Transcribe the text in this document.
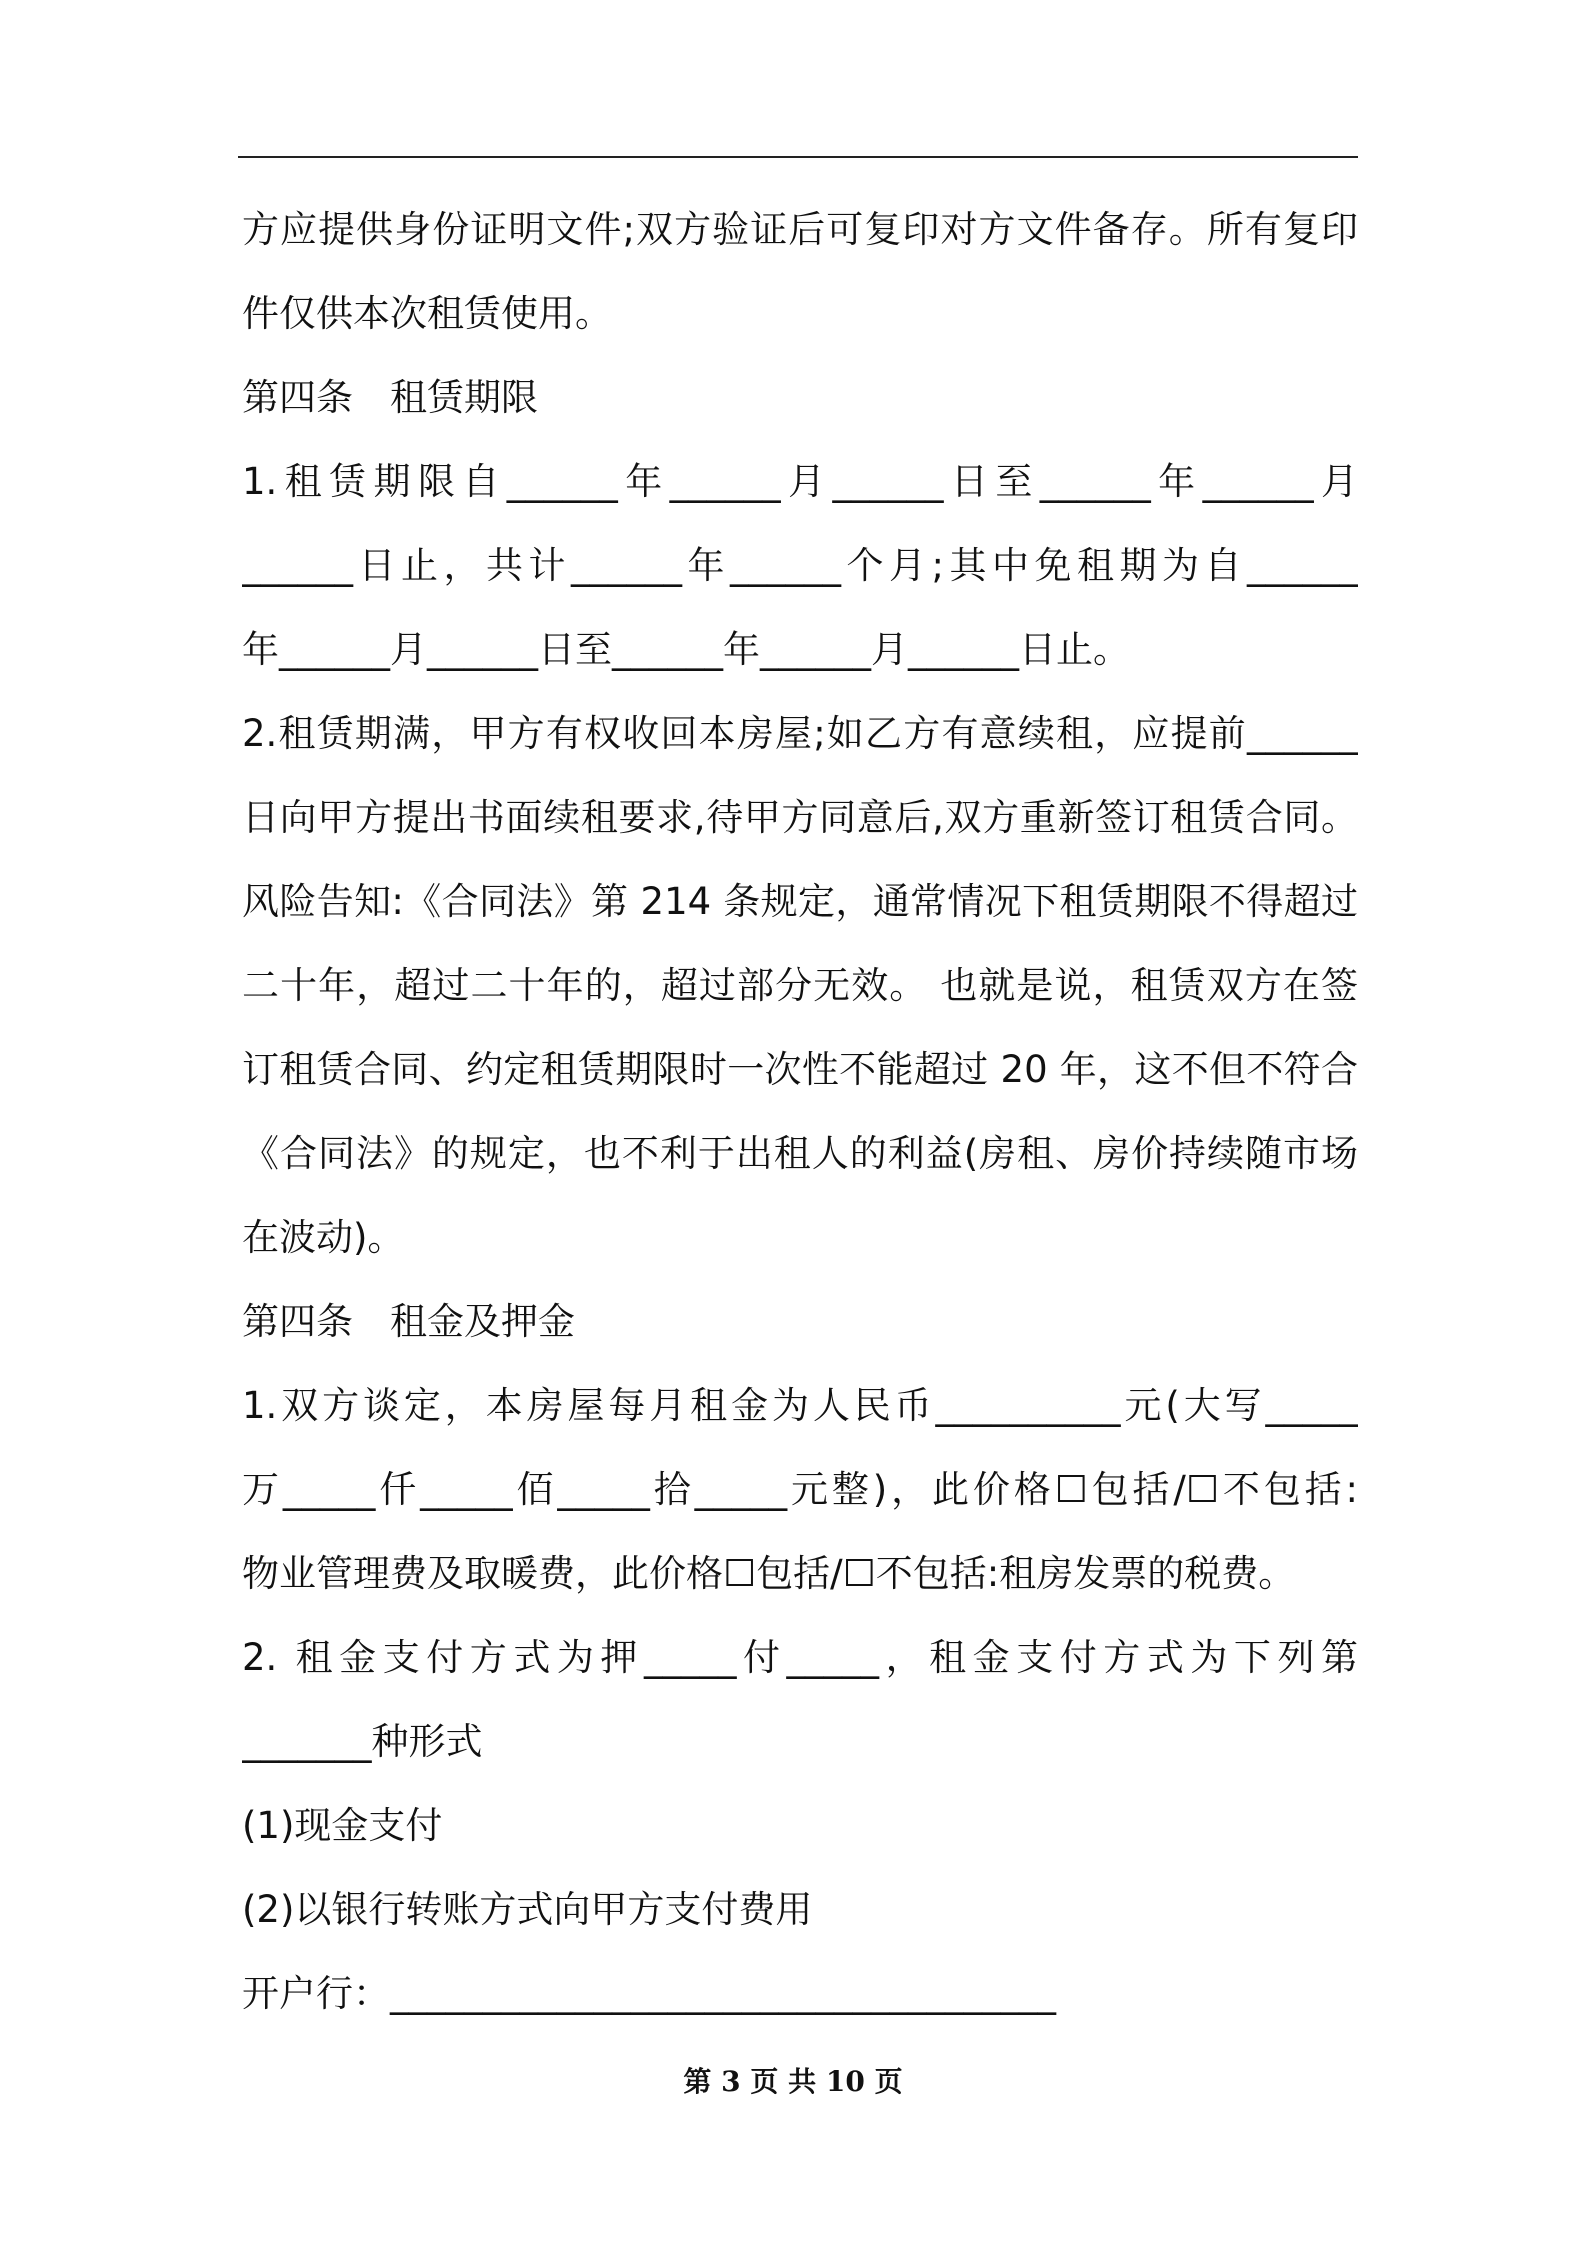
方应提供身份证明文件;双方验证后可复印对方文件备存。所有复印
件仅供本次租赁使用。
第四条　租赁期限
1.租赁期限自______年______月______日至______年______月
______日止，共计______年______个月;其中免租期为自______
年______月______日至______年______月______日止。
2.租赁期满，甲方有权收回本房屋;如乙方有意续租，应提前______
日向甲方提出书面续租要求,待甲方同意后,双方重新签订租赁合同。
风险告知:《合同法》第 214 条规定，通常情况下租赁期限不得超过
二十年，超过二十年的，超过部分无效。 也就是说，租赁双方在签
订租赁合同、约定租赁期限时一次性不能超过 20 年，这不但不符合
《合同法》的规定，也不利于出租人的利益(房租、房价持续随市场
在波动)。
第四条　租金及押金
1.双方谈定，本房屋每月租金为人民币__________元(大写_____
万_____仟_____佰_____拾_____元整)，此价格☐包括/☐不包括:
物业管理费及取暖费，此价格☐包括/☐不包括:租房发票的税费。
2. 租金支付方式为押_____付_____，租金支付方式为下列第
_______种形式
(1)现金支付
(2)以银行转账方式向甲方支付费用
开户行：____________________________________
第 3 页 共 10 页
